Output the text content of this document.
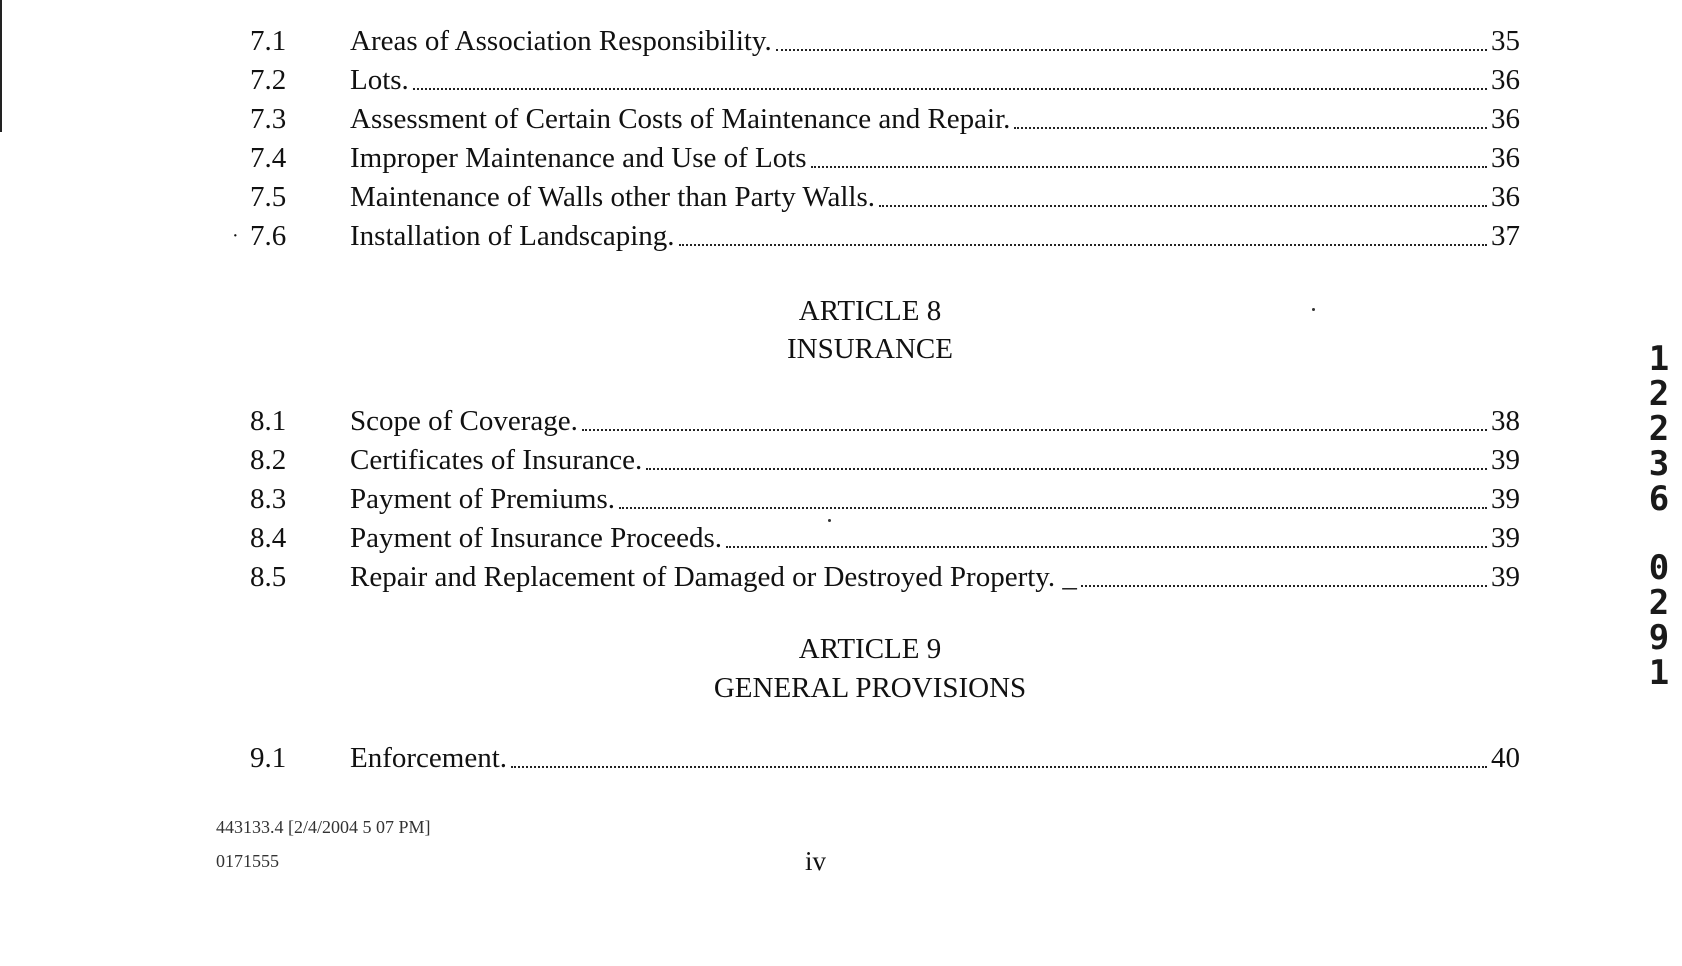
7.1 Areas of Association Responsibility.	35
7.2 Lots.	36
7.3 Assessment of Certain Costs of Maintenance and Repair.	36
7.4 Improper Maintenance and Use of Lots	36
7.5 Maintenance of Walls other than Party Walls.	36
· 7.6 Installation of Landscaping.	37
ARTICLE 8
INSURANCE
8.1 Scope of Coverage.	38
8.2 Certificates of Insurance.	39
8.3 Payment of Premiums.	39
8.4 Payment of Insurance Proceeds.	39
8.5 Repair and Replacement of Damaged or Destroyed Property. _	39
ARTICLE 9
GENERAL PROVISIONS
9.1 Enforcement.	40
443133.4 [2/4/2004 5 07 PM]
0171555	iv
1
2
2
3
6
0
2
9
1
